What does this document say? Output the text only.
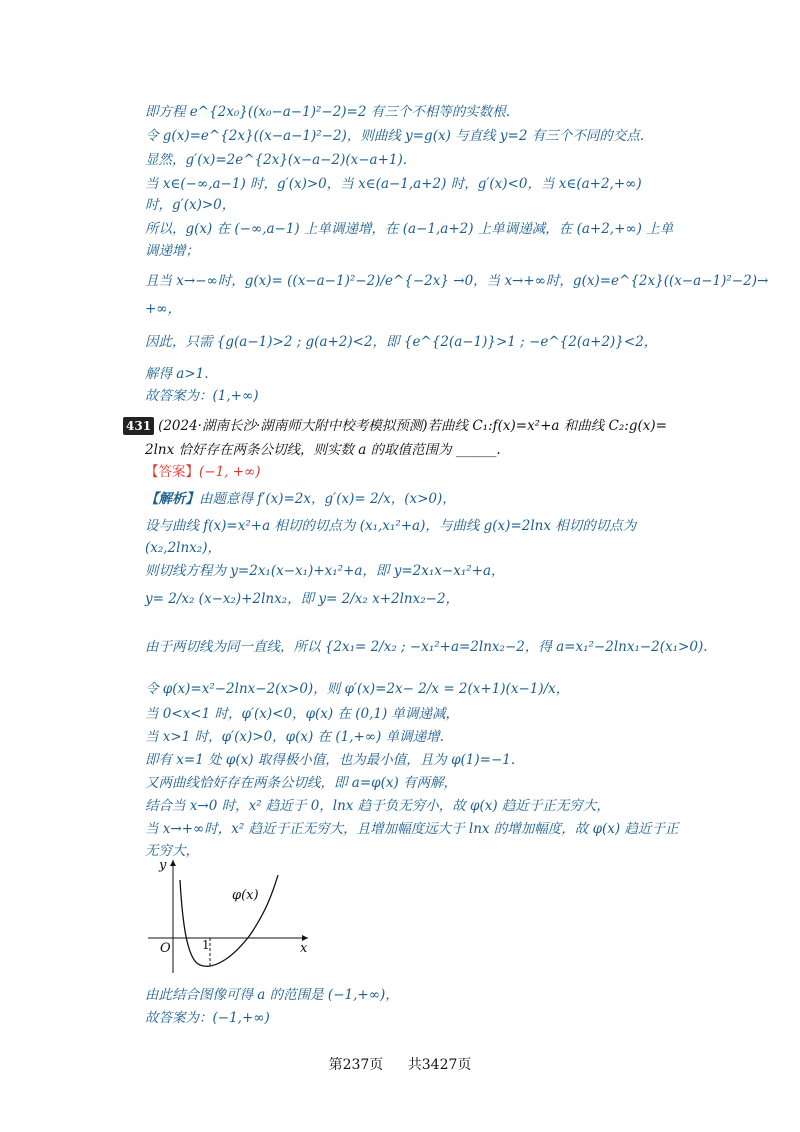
即方程 e^{2x₀}((x₀−a−1)²−2)=2 有三个不相等的实数根.
令 g(x)=e^{2x}((x−a−1)²−2)，则曲线 y=g(x) 与直线 y=2 有三个不同的交点.
显然，g′(x)=2e^{2x}(x−a−2)(x−a+1).
当 x∈(−∞,a−1) 时，g′(x)>0，当 x∈(a−1,a+2) 时，g′(x)<0，当 x∈(a+2,+∞)
时，g′(x)>0，
所以，g(x) 在 (−∞,a−1) 上单调递增，在 (a−1,a+2) 上单调递减，在 (a+2,+∞) 上单
调递增；
且当 x→−∞时，g(x)= ((x−a−1)²−2)/e^{−2x} →0，当 x→+∞时，g(x)=e^{2x}((x−a−1)²−2)→
+∞，
因此，只需 {g(a−1)>2 ; g(a+2)<2，即 {e^{2(a−1)}>1 ; −e^{2(a+2)}<2，
解得 a>1.
故答案为：(1,+∞)
431 (2024·湖南长沙·湖南师大附中校考模拟预测)若曲线 C₁:f(x)=x²+a 和曲线 C₂:g(x)=
2lnx 恰好存在两条公切线，则实数 a 的取值范围为 ______.
【答案】(−1, +∞)
【解析】由题意得 f′(x)=2x，g′(x)= 2/x，(x>0)，
设与曲线 f(x)=x²+a 相切的切点为 (x₁,x₁²+a)，与曲线 g(x)=2lnx 相切的切点为
(x₂,2lnx₂)，
则切线方程为 y=2x₁(x−x₁)+x₁²+a，即 y=2x₁x−x₁²+a，
y= 2/x₂ (x−x₂)+2lnx₂，即 y= 2/x₂ x+2lnx₂−2，
由于两切线为同一直线，所以 {2x₁= 2/x₂ ; −x₁²+a=2lnx₂−2，得 a=x₁²−2lnx₁−2(x₁>0).
令 φ(x)=x²−2lnx−2(x>0)，则 φ′(x)=2x− 2/x = 2(x+1)(x−1)/x，
当 0<x<1 时，φ′(x)<0，φ(x) 在 (0,1) 单调递减，
当 x>1 时，φ′(x)>0，φ(x) 在 (1,+∞) 单调递增.
即有 x=1 处 φ(x) 取得极小值，也为最小值，且为 φ(1)=−1.
又两曲线恰好存在两条公切线，即 a=φ(x) 有两解，
结合当 x→0 时，x² 趋近于 0，lnx 趋于负无穷小，故 φ(x) 趋近于正无穷大，
当 x→+∞时，x² 趋近于正无穷大，且增加幅度远大于 lnx 的增加幅度，故 φ(x) 趋近于正
无穷大，
y
x
O	1
φ(x)
由此结合图像可得 a 的范围是 (−1,+∞)，
故答案为：(−1,+∞)
第237页 共3427页
